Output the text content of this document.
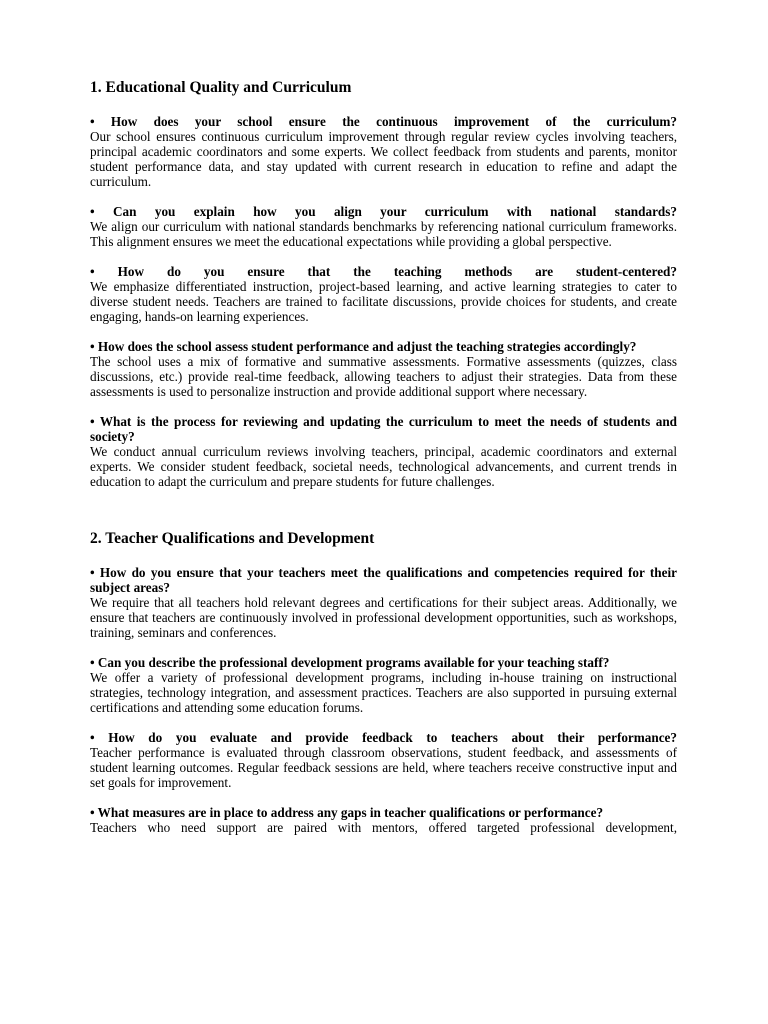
1. Educational Quality and Curriculum

• How does your school ensure the continuous improvement of the curriculum?

Our school ensures continuous curriculum improvement through regular review cycles involving teachers, principal academic coordinators and some experts. We collect feedback from students and parents, monitor student performance data, and stay updated with current research in education to refine and adapt the curriculum.

• Can you explain how you align your curriculum with national standards?

We align our curriculum with national standards benchmarks by referencing national curriculum frameworks. This alignment ensures we meet the educational expectations while providing a global perspective.

• How do you ensure that the teaching methods are student-centered?

We emphasize differentiated instruction, project-based learning, and active learning strategies to cater to diverse student needs. Teachers are trained to facilitate discussions, provide choices for students, and create engaging, hands-on learning experiences.

• How does the school assess student performance and adjust the teaching strategies accordingly?

The school uses a mix of formative and summative assessments. Formative assessments (quizzes, class discussions, etc.) provide real-time feedback, allowing teachers to adjust their strategies. Data from these assessments is used to personalize instruction and provide additional support where necessary.

• What is the process for reviewing and updating the curriculum to meet the needs of students and society?

We conduct annual curriculum reviews involving teachers, principal, academic coordinators and external experts. We consider student feedback, societal needs, technological advancements, and current trends in education to adapt the curriculum and prepare students for future challenges.

2. Teacher Qualifications and Development

• How do you ensure that your teachers meet the qualifications and competencies required for their subject areas?

We require that all teachers hold relevant degrees and certifications for their subject areas. Additionally, we ensure that teachers are continuously involved in professional development opportunities, such as workshops, training, seminars and conferences.

• Can you describe the professional development programs available for your teaching staff?

We offer a variety of professional development programs, including in-house training on instructional strategies, technology integration, and assessment practices. Teachers are also supported in pursuing external certifications and attending some education forums.

• How do you evaluate and provide feedback to teachers about their performance?

Teacher performance is evaluated through classroom observations, student feedback, and assessments of student learning outcomes. Regular feedback sessions are held, where teachers receive constructive input and set goals for improvement.

• What measures are in place to address any gaps in teacher qualifications or performance?

Teachers who need support are paired with mentors, offered targeted professional development,
